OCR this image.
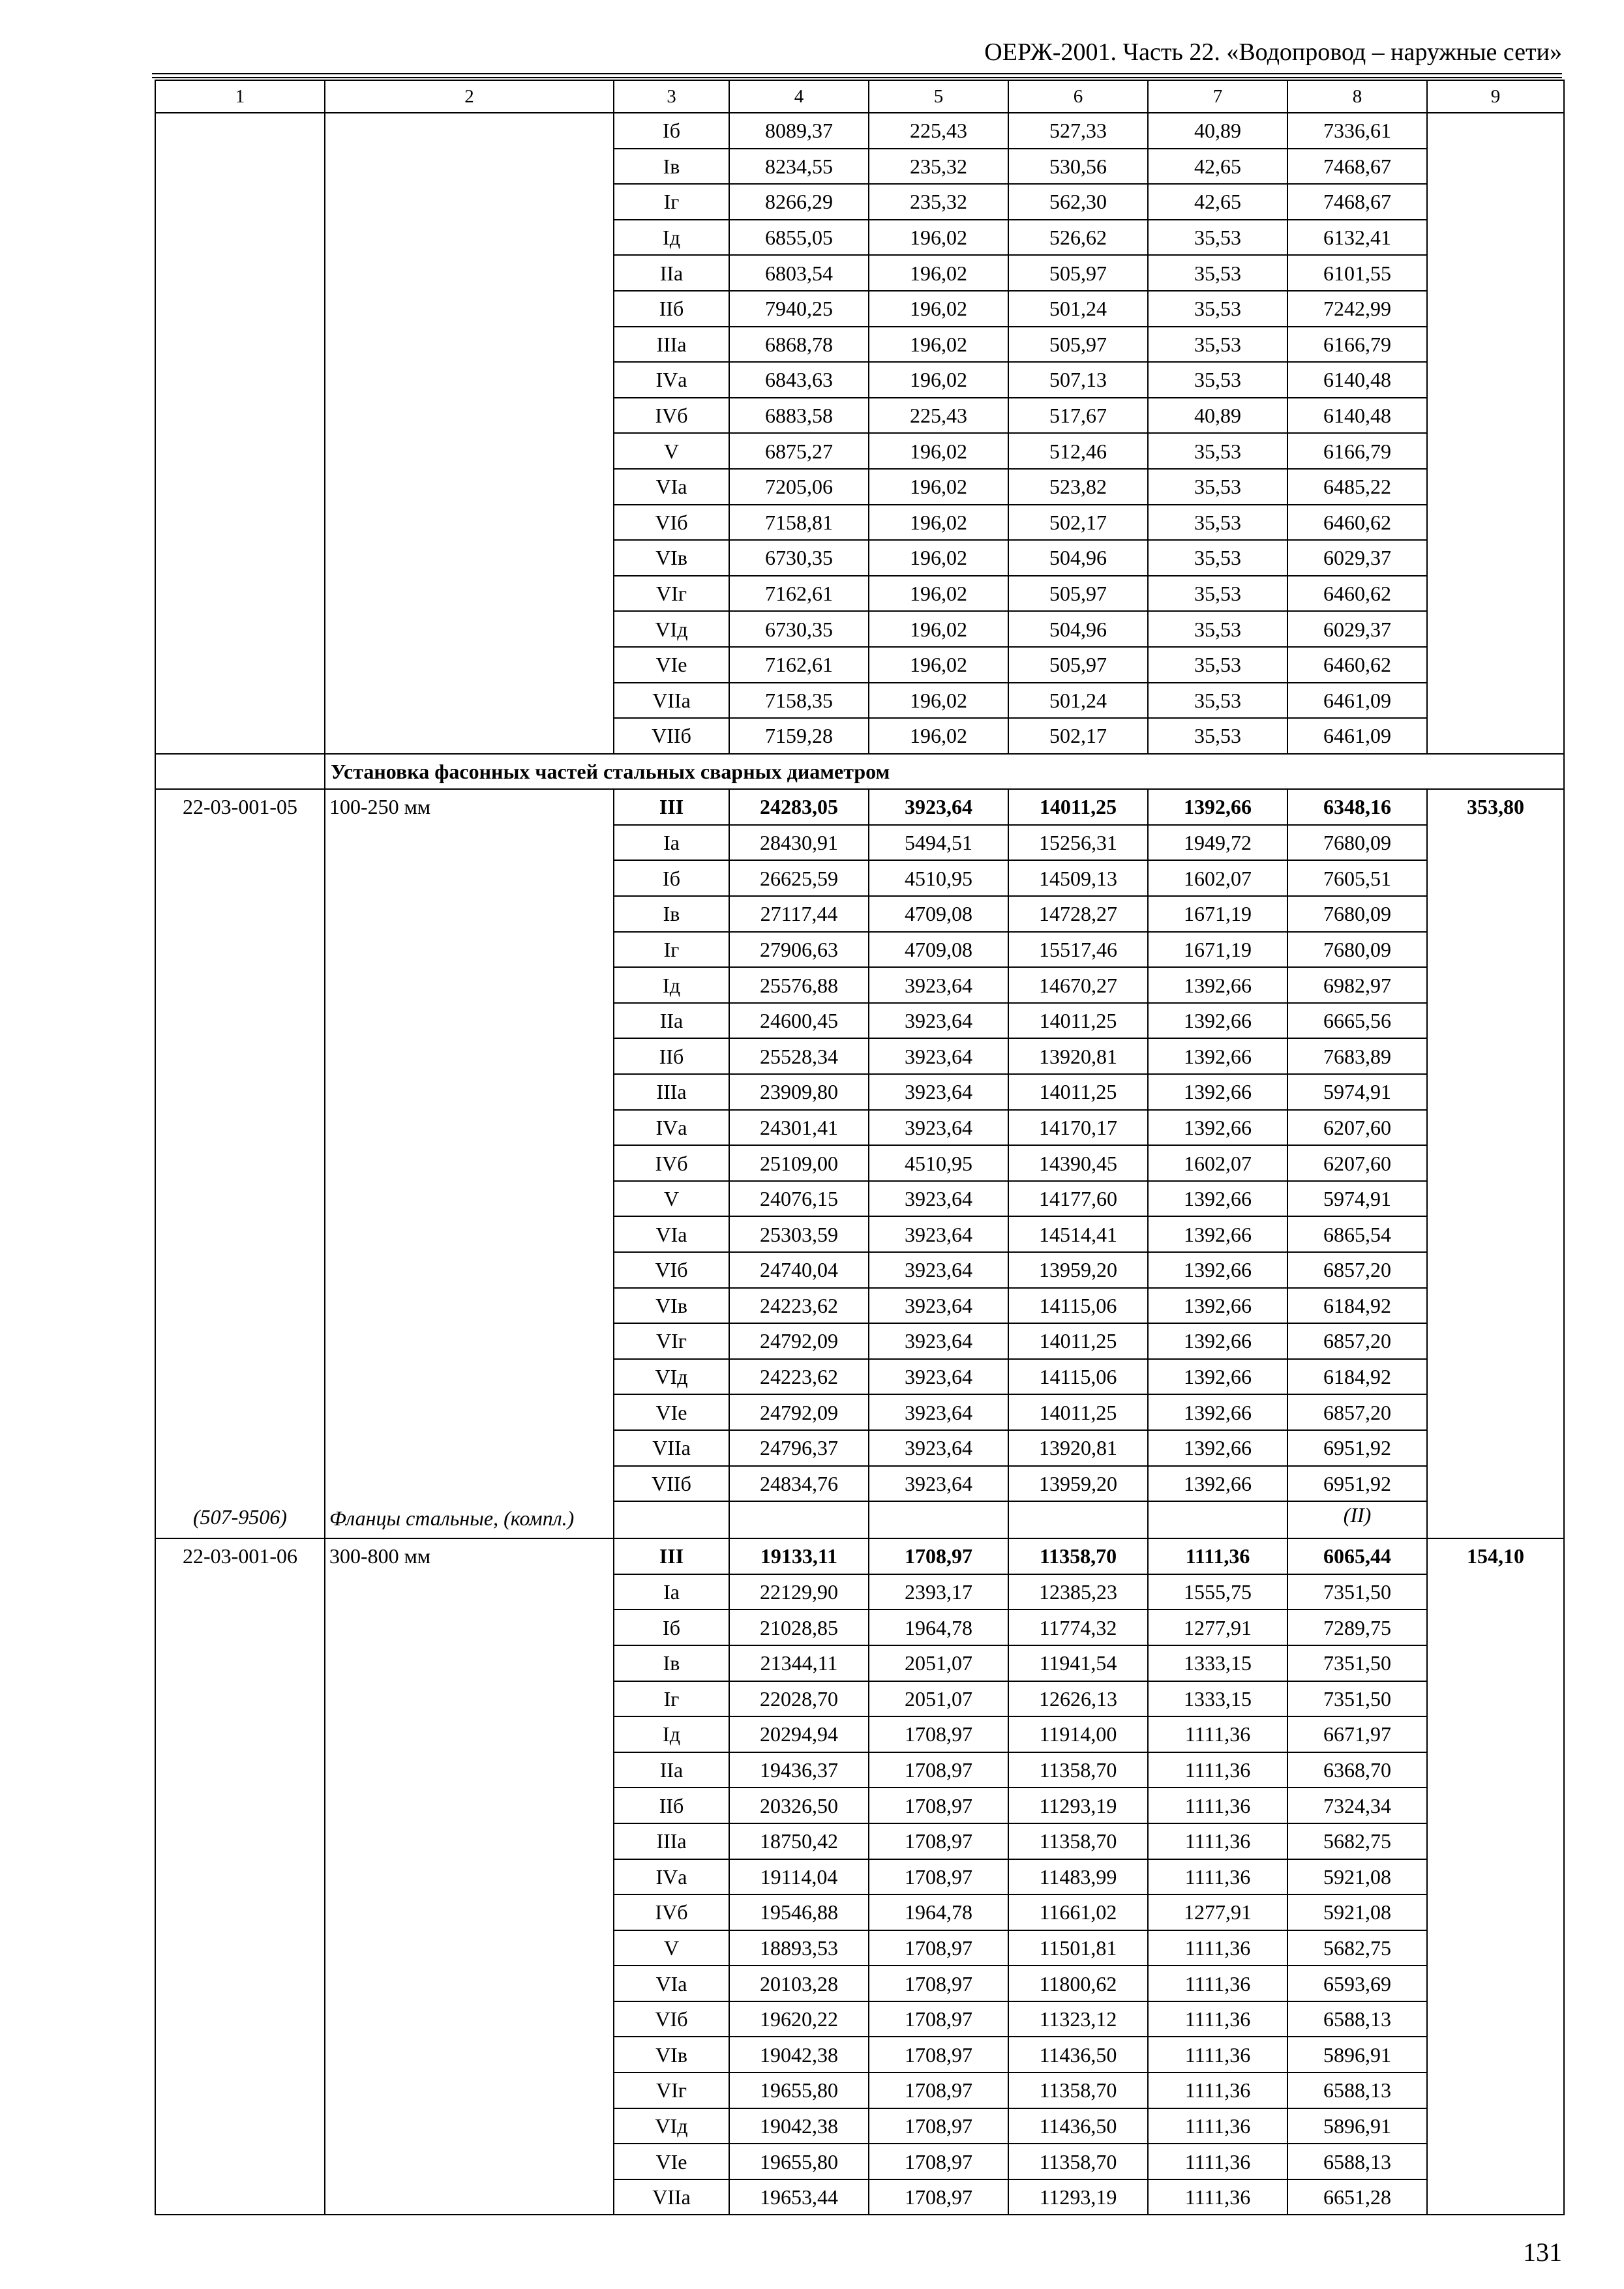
ОЕРЖ-2001. Часть 22. «Водопровод – наружные сети»
1	2	3	4	5	6	7	8	9
		Iб	8089,37	225,43	527,33	40,89	7336,61	
		Iв	8234,55	235,32	530,56	42,65	7468,67	
		Iг	8266,29	235,32	562,30	42,65	7468,67	
		Iд	6855,05	196,02	526,62	35,53	6132,41	
		IIа	6803,54	196,02	505,97	35,53	6101,55	
		IIб	7940,25	196,02	501,24	35,53	7242,99	
		IIIа	6868,78	196,02	505,97	35,53	6166,79	
		IVа	6843,63	196,02	507,13	35,53	6140,48	
		IVб	6883,58	225,43	517,67	40,89	6140,48	
		V	6875,27	196,02	512,46	35,53	6166,79	
		VIа	7205,06	196,02	523,82	35,53	6485,22	
		VIб	7158,81	196,02	502,17	35,53	6460,62	
		VIв	6730,35	196,02	504,96	35,53	6029,37	
		VIг	7162,61	196,02	505,97	35,53	6460,62	
		VIд	6730,35	196,02	504,96	35,53	6029,37	
		VIе	7162,61	196,02	505,97	35,53	6460,62	
		VIIа	7158,35	196,02	501,24	35,53	6461,09	
		VIIб	7159,28	196,02	502,17	35,53	6461,09	
	Установка фасонных частей стальных сварных диаметром							
22-03-001-05	100-250 мм	III	24283,05	3923,64	14011,25	1392,66	6348,16	353,80
		Iа	28430,91	5494,51	15256,31	1949,72	7680,09	
		Iб	26625,59	4510,95	14509,13	1602,07	7605,51	
		Iв	27117,44	4709,08	14728,27	1671,19	7680,09	
		Iг	27906,63	4709,08	15517,46	1671,19	7680,09	
		Iд	25576,88	3923,64	14670,27	1392,66	6982,97	
		IIа	24600,45	3923,64	14011,25	1392,66	6665,56	
		IIб	25528,34	3923,64	13920,81	1392,66	7683,89	
		IIIа	23909,80	3923,64	14011,25	1392,66	5974,91	
		IVа	24301,41	3923,64	14170,17	1392,66	6207,60	
		IVб	25109,00	4510,95	14390,45	1602,07	6207,60	
		V	24076,15	3923,64	14177,60	1392,66	5974,91	
		VIа	25303,59	3923,64	14514,41	1392,66	6865,54	
		VIб	24740,04	3923,64	13959,20	1392,66	6857,20	
		VIв	24223,62	3923,64	14115,06	1392,66	6184,92	
		VIг	24792,09	3923,64	14011,25	1392,66	6857,20	
		VIд	24223,62	3923,64	14115,06	1392,66	6184,92	
		VIе	24792,09	3923,64	14011,25	1392,66	6857,20	
		VIIа	24796,37	3923,64	13920,81	1392,66	6951,92	
		VIIб	24834,76	3923,64	13959,20	1392,66	6951,92	
(507-9506)	Фланцы стальные, (компл.)						(II)	
22-03-001-06	300-800 мм	III	19133,11	1708,97	11358,70	1111,36	6065,44	154,10
		Iа	22129,90	2393,17	12385,23	1555,75	7351,50	
		Iб	21028,85	1964,78	11774,32	1277,91	7289,75	
		Iв	21344,11	2051,07	11941,54	1333,15	7351,50	
		Iг	22028,70	2051,07	12626,13	1333,15	7351,50	
		Iд	20294,94	1708,97	11914,00	1111,36	6671,97	
		IIа	19436,37	1708,97	11358,70	1111,36	6368,70	
		IIб	20326,50	1708,97	11293,19	1111,36	7324,34	
		IIIа	18750,42	1708,97	11358,70	1111,36	5682,75	
		IVа	19114,04	1708,97	11483,99	1111,36	5921,08	
		IVб	19546,88	1964,78	11661,02	1277,91	5921,08	
		V	18893,53	1708,97	11501,81	1111,36	5682,75	
		VIа	20103,28	1708,97	11800,62	1111,36	6593,69	
		VIб	19620,22	1708,97	11323,12	1111,36	6588,13	
		VIв	19042,38	1708,97	11436,50	1111,36	5896,91	
		VIг	19655,80	1708,97	11358,70	1111,36	6588,13	
		VIд	19042,38	1708,97	11436,50	1111,36	5896,91	
		VIе	19655,80	1708,97	11358,70	1111,36	6588,13	
		VIIа	19653,44	1708,97	11293,19	1111,36	6651,28	
131
